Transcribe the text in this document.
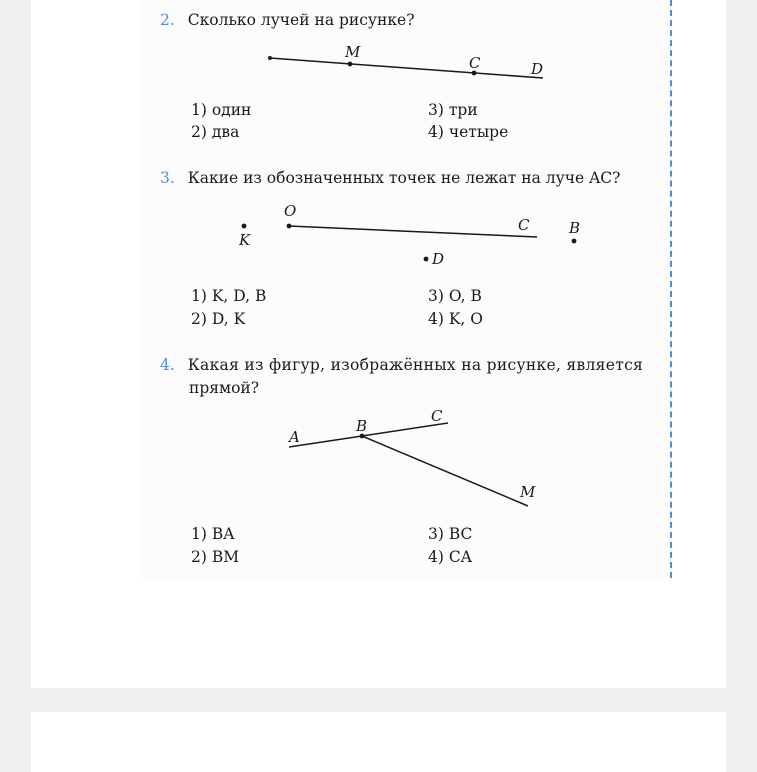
2. Сколько лучей на рисунке?
M
C	D
1) один
2) два
3) три
4) четыре
3. Какие из обозначенных точек не лежат на луче AC?
O
C	B
K
D
1) K, D, B
2) D, K
3) O, B
4) K, O
4. Какая из фигур, изображённых на рисунке, является
прямой?
A
B
C
M
1) BA
2) BM
3) BC
4) CA
